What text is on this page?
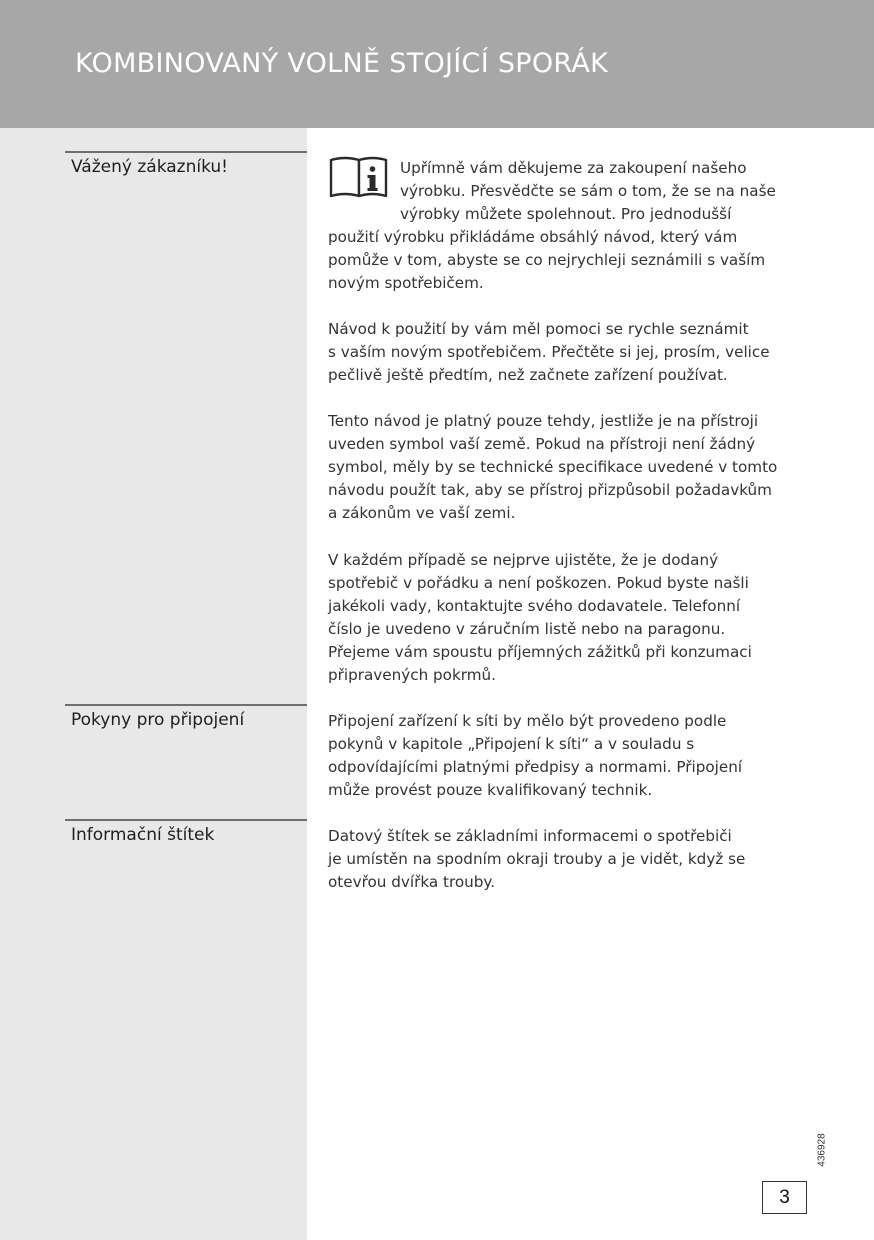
KOMBINOVANÝ VOLNĚ STOJÍCÍ SPORÁK
Vážený zákazníku!
Pokyny pro připojení
Informační štítek

Upřímně vám děkujeme za zakoupení našeho
výrobku. Přesvědčte se sám o tom, že se na naše
výrobky můžete spolehnout. Pro jednodušší

použití výrobku přikládáme obsáhlý návod, který vám
pomůže v tom, abyste se co nejrychleji seznámili s vaším
novým spotřebičem.

Návod k použití by vám měl pomoci se rychle seznámit
s vaším novým spotřebičem. Přečtěte si jej, prosím, velice
pečlivě ještě předtím, než začnete zařízení používat.

Tento návod je platný pouze tehdy, jestliže je na přístroji
uveden symbol vaší země. Pokud na přístroji není žádný
symbol, měly by se technické specifikace uvedené v tomto
návodu použít tak, aby se přístroj přizpůsobil požadavkům
a zákonům ve vaší zemi.

V každém případě se nejprve ujistěte, že je dodaný
spotřebič v pořádku a není poškozen. Pokud byste našli
jakékoli vady, kontaktujte svého dodavatele. Telefonní
číslo je uvedeno v záručním listě nebo na paragonu.
Přejeme vám spoustu příjemných zážitků při konzumaci
připravených pokrmů.

Připojení zařízení k síti by mělo být provedeno podle
pokynů v kapitole „Připojení k síti“ a v souladu s
odpovídajícími platnými předpisy a normami. Připojení
může provést pouze kvalifikovaný technik.

Datový štítek se základními informacemi o spotřebiči
je umístěn na spodním okraji trouby a je vidět, když se
otevřou dvířka trouby.

436928
3
